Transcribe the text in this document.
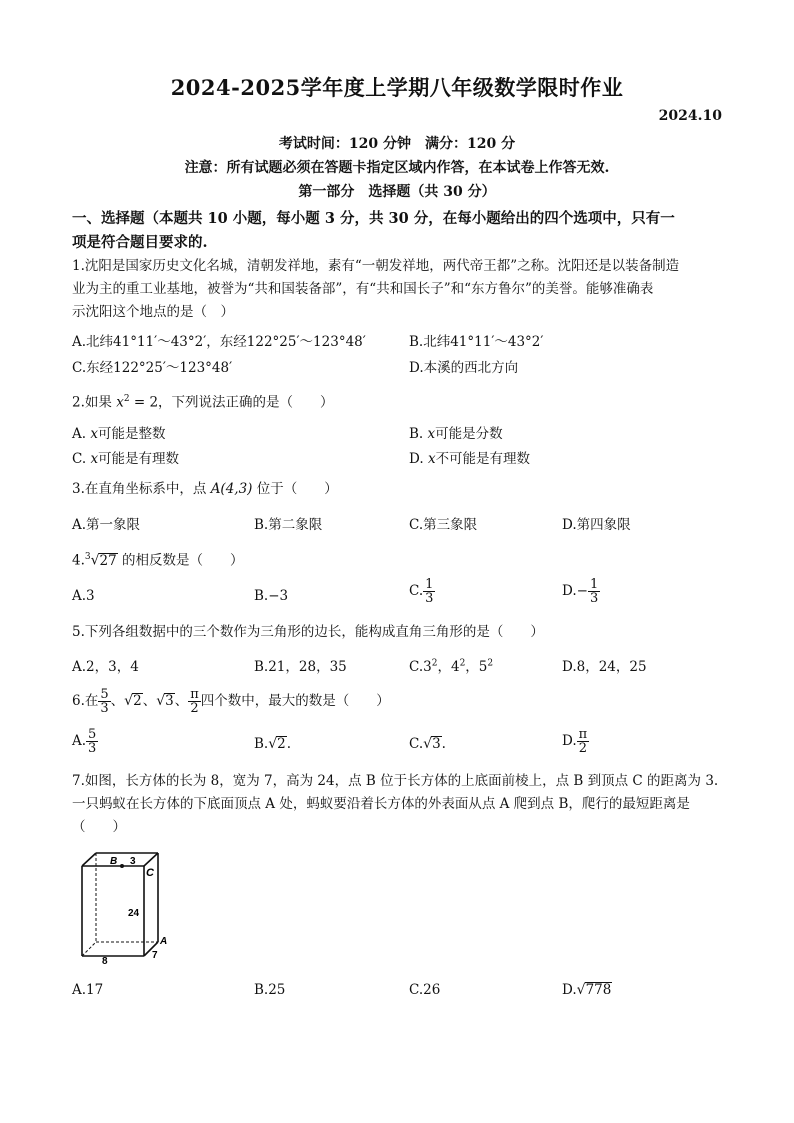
2024-2025学年度上学期八年级数学限时作业
2024.10
考试时间：120 分钟　满分：120 分
注意：所有试题必须在答题卡指定区域内作答，在本试卷上作答无效.
第一部分　选择题（共 30 分）
一、选择题（本题共 10 小题，每小题 3 分，共 30 分，在每小题给出的四个选项中，只有一
项是符合题目要求的.
1.沈阳是国家历史文化名城，清朝发祥地，素有“一朝发祥地，两代帝王都”之称。沈阳还是以装备制造
业为主的重工业基地，被誉为“共和国装备部”，有“共和国长子”和“东方鲁尔”的美誉。能够准确表
示沈阳这个地点的是（　）
A.北纬41°11′～43°2′，东经122°25′～123°48′	B.北纬41°11′～43°2′
C.东经122°25′～123°48′	D.本溪的西北方向
2.如果 $x^2 = 2$，下列说法正确的是（　　）
A. x可能是整数	B. x可能是分数
C. x可能是有理数	D. x不可能是有理数
3.在直角坐标系中，点 A(4,3) 位于（　　）
A.第一象限	B.第二象限	C.第三象限	D.第四象限
4.$^3$√27 的相反数是（　　）
A.3	B.−3	C. $\frac{1}{3}$	$D.- \frac{1}{3}$
5.下列各组数据中的三个数作为三角形的边长，能构成直角三角形的是（　　）
A.2，3，4	B.21，28，35	$C.3^2$，$4^2$，$5^2$	D.8，24，25
6.在 $\frac{5}{3}$ 、√2、√3、 $\frac{\pi}{2}$ 四个数中，最大的数是（　　）
A. $\frac{5}{3}$	B.√2.	C.√3.	D. $\frac{\pi}{2}$
7.如图，长方体的长为 8，宽为 7，高为 24，点 B 位于长方体的上底面前棱上，点 B 到顶点 C 的距离为 3.
一只蚂蚁在长方体的下底面顶点 A 处，蚂蚁要沿着长方体的外表面从点 A 爬到点 B，爬行的最短距离是
（　　）
B 3
C
24
A
8
7
A.17	B.25	C.26	D.√778
